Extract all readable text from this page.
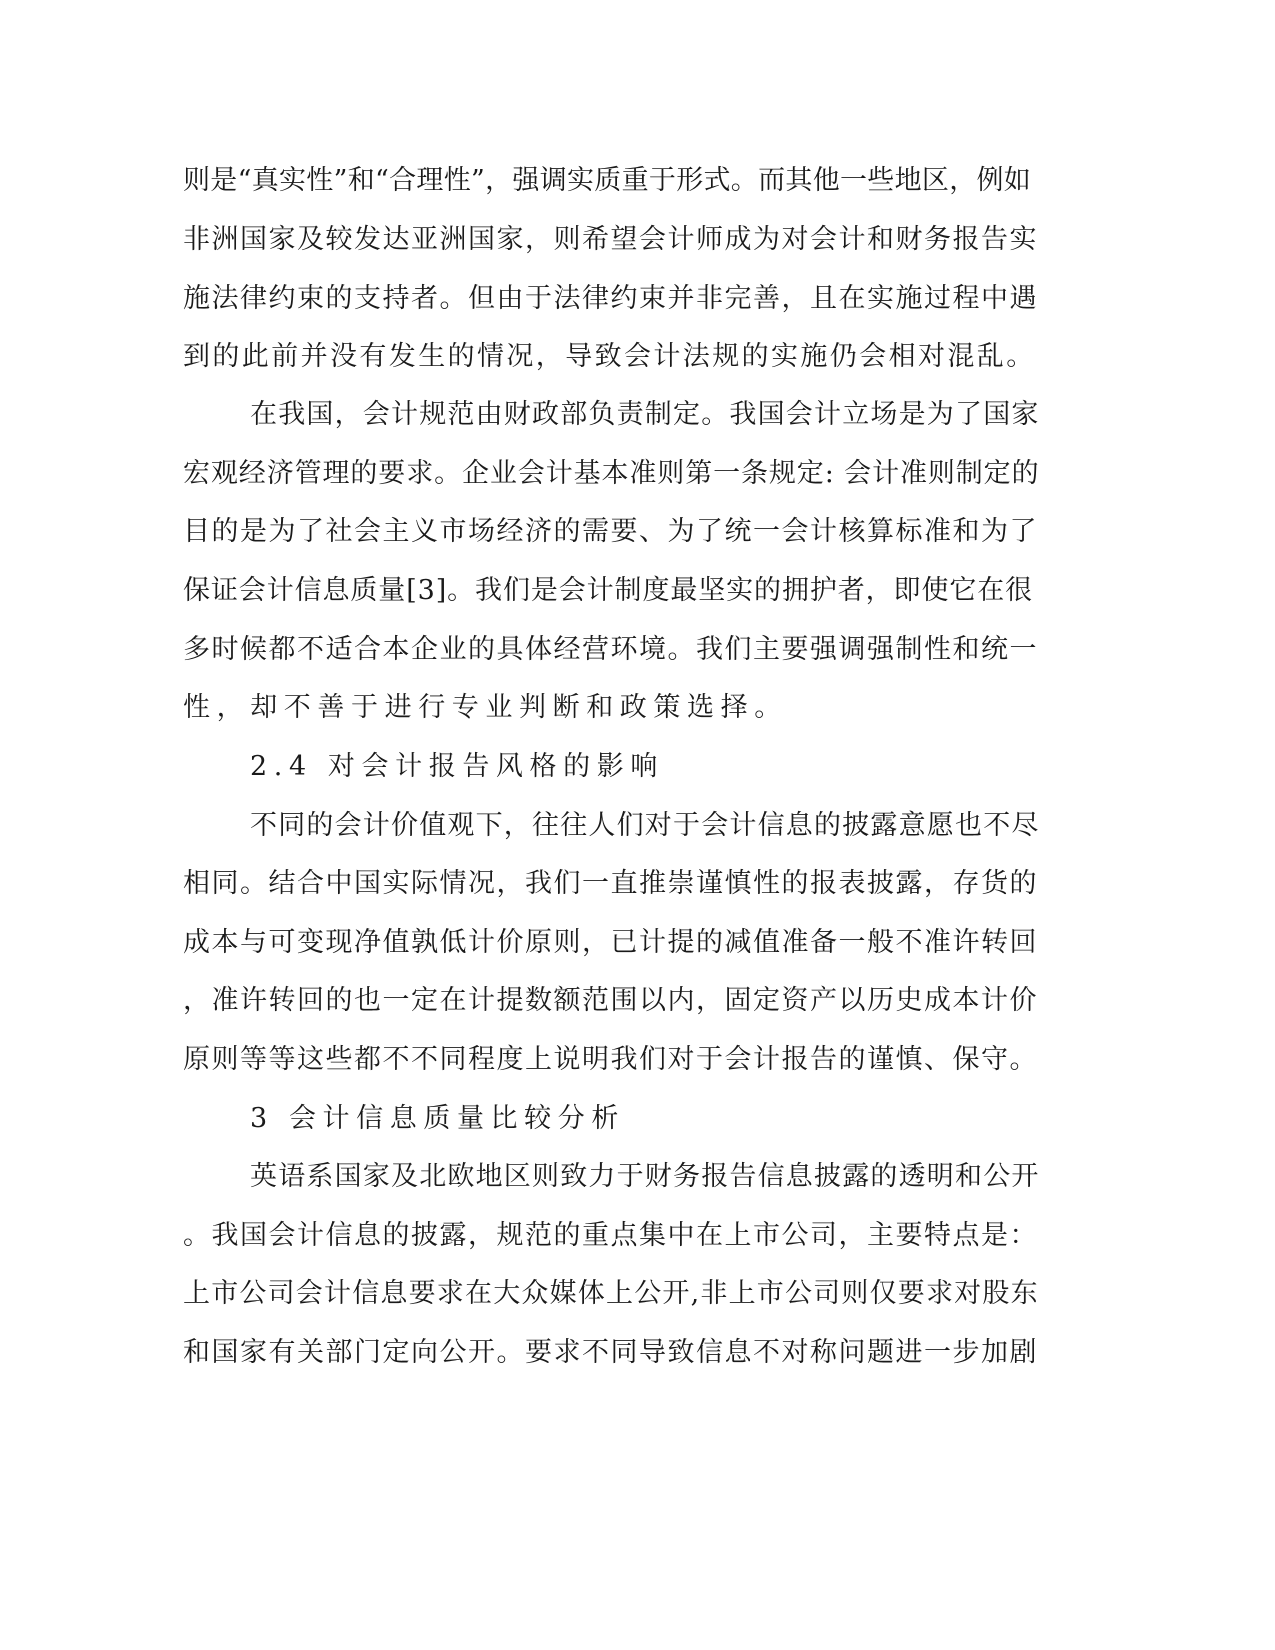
则是“真实性”和“合理性”，强调实质重于形式。而其他一些地区，例如
非洲国家及较发达亚洲国家，则希望会计师成为对会计和财务报告实
施法律约束的支持者。但由于法律约束并非完善，且在实施过程中遇
到的此前并没有发生的情况，导致会计法规的实施仍会相对混乱。
在我国，会计规范由财政部负责制定。我国会计立场是为了国家
宏观经济管理的要求。企业会计基本准则第一条规定: 会计准则制定的
目的是为了社会主义市场经济的需要、为了统一会计核算标准和为了
保证会计信息质量[3]。我们是会计制度最坚实的拥护者，即使它在很
多时候都不适合本企业的具体经营环境。我们主要强调强制性和统一
性，却不善于进行专业判断和政策选择。
2.4 对会计报告风格的影响
不同的会计价值观下，往往人们对于会计信息的披露意愿也不尽
相同。结合中国实际情况，我们一直推崇谨慎性的报表披露，存货的
成本与可变现净值孰低计价原则，已计提的减值准备一般不准许转回
，准许转回的也一定在计提数额范围以内，固定资产以历史成本计价
原则等等这些都不不同程度上说明我们对于会计报告的谨慎、保守。
3 会计信息质量比较分析
英语系国家及北欧地区则致力于财务报告信息披露的透明和公开
。我国会计信息的披露，规范的重点集中在上市公司，主要特点是：
上市公司会计信息要求在大众媒体上公开,非上市公司则仅要求对股东
和国家有关部门定向公开。要求不同导致信息不对称问题进一步加剧
